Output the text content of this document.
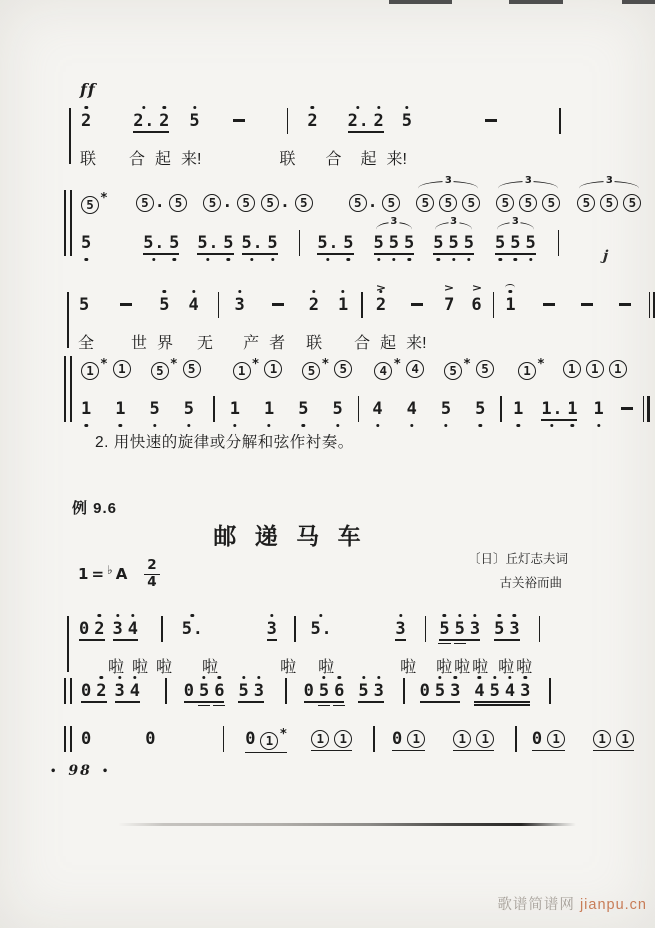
ff
2 2. 2 5	2 2. 2 5
联 合 起 来!	联 合 起 来!
5 *	5 . 5	5 . 5	5 . 5	5 . 5	5	5	5
3
5	5	5
3
5	5	5
3
5	5. 5 5. 5 5. 5 5. 5 5 5 5
3
5 5 5
3
5 5 5
3
5	5 4 3	2 1 2
>
7
>
6
>
1
全 世 界 无 产 者 联 合 起 来!
1 * 1	5 * 5	1 * 1	5 * 5	4 * 4	5 * 5	1 *	1	1	1
1 1 5 5 1 1 5 5 4 4 5 5 1 1. 1 1
2. 用快速的旋律或分解和弦作衬奏。
例 9.6
邮 递 马 车
1 = ♭ A $\frac{2}{4}$	〔日〕丘灯志夫词
古关裕而曲
0 2 3 4	5.	3 5.	3 5 5 3 5 3
啦 啦 啦 啦	啦 啦	啦 啦 啦 啦 啦 啦
0 2 3 4	0 5 6 5 3 0 5 6 5 3 0 5 3 4 5 4 3
0	0	0 1 *	1	1	0 1	1	1	0 1	1	1
• 98 •
j
歌谱简谱网 jianpu.cn
